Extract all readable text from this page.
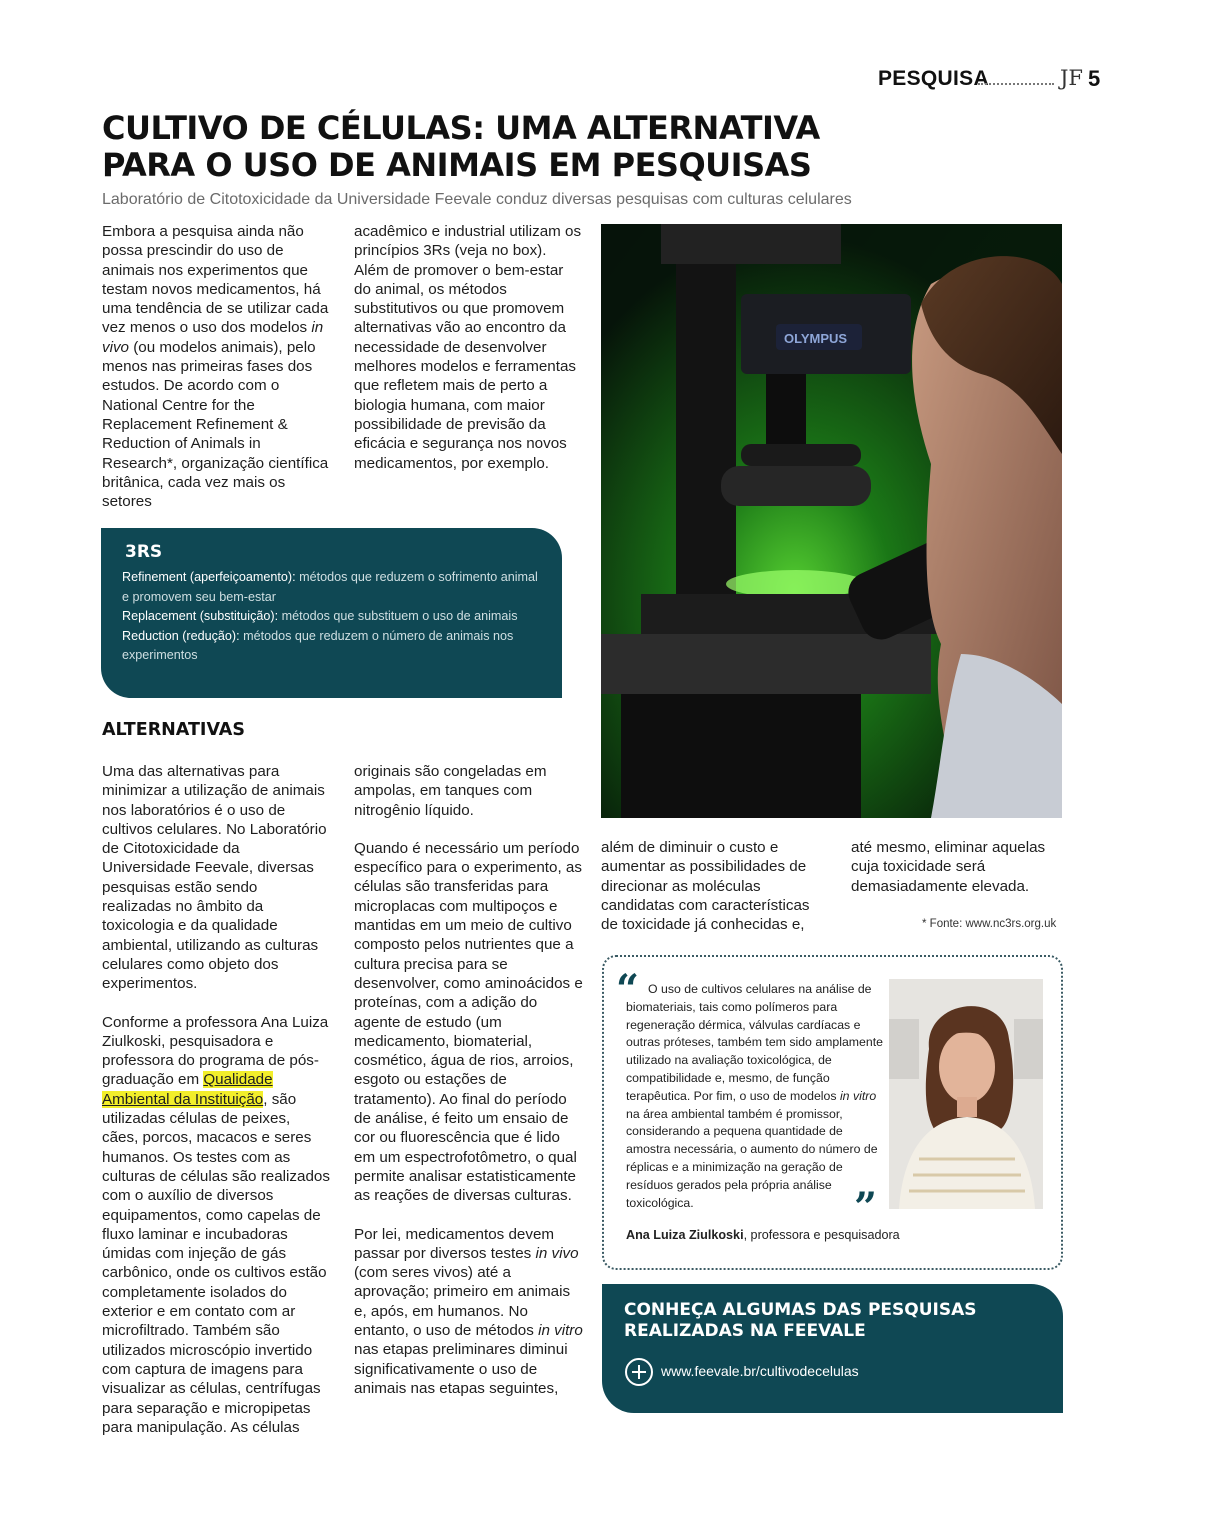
PESQUISA	JF 5
CULTIVO DE CÉLULAS: UMA ALTERNATIVA
PARA O USO DE ANIMAIS EM PESQUISAS
Laboratório de Citotoxicidade da Universidade Feevale conduz diversas pesquisas com culturas celulares

Embora a pesquisa ainda não possa prescindir do uso de animais nos experimentos que testam novos medicamentos, há uma tendência de se utilizar cada vez menos o uso dos modelos in vivo (ou modelos animais), pelo menos nas primeiras fases dos estudos. De acordo com o National Centre for the Replacement Refinement & Reduction of Animals in Research*, organização científica britânica, cada vez mais os setores

acadêmico e industrial utilizam os princípios 3Rs (veja no box). Além de promover o bem-estar do animal, os métodos substitutivos ou que promovem alternativas vão ao encontro da necessidade de desenvolver melhores modelos e ferramentas que refletem mais de perto a biologia humana, com maior possibilidade de previsão da eficácia e segurança nos novos medicamentos, por exemplo.

3RS
Refinement (aperfeiçoamento): métodos que reduzem o sofrimento animal e promovem seu bem-estar
Replacement (substituição): métodos que substituem o uso de animais
Reduction (redução): métodos que reduzem o número de animais nos experimentos
ALTERNATIVAS

Uma das alternativas para minimizar a utilização de animais nos laboratórios é o uso de cultivos celulares. No Laboratório de Citotoxicidade da Universidade Feevale, diversas pesquisas estão sendo realizadas no âmbito da toxicologia e da qualidade ambiental, utilizando as culturas celulares como objeto dos experimentos.

Conforme a professora Ana Luiza Ziulkoski, pesquisadora e professora do programa de pós-graduação em Qualidade Ambiental da Instituição, são utilizadas células de peixes, cães, porcos, macacos e seres humanos. Os testes com as culturas de células são realizados com o auxílio de diversos equipamentos, como capelas de fluxo laminar e incubadoras úmidas com injeção de gás carbônico, onde os cultivos estão completamente isolados do exterior e em contato com ar microfiltrado. Também são utilizados microscópio invertido com captura de imagens para visualizar as células, centrífugas para separação e micropipetas para manipulação. As células

originais são congeladas em ampolas, em tanques com nitrogênio líquido.

Quando é necessário um período específico para o experimento, as células são transferidas para microplacas com multipoços e mantidas em um meio de cultivo composto pelos nutrientes que a cultura precisa para se desenvolver, como aminoácidos e proteínas, com a adição do agente de estudo (um medicamento, biomaterial, cosmético, água de rios, arroios, esgoto ou estações de tratamento). Ao final do período de análise, é feito um ensaio de cor ou fluorescência que é lido em um espectrofotômetro, o qual permite analisar estatisticamente as reações de diversas culturas.

Por lei, medicamentos devem passar por diversos testes in vivo (com seres vivos) até a aprovação; primeiro em animais e, após, em humanos. No entanto, o uso de métodos in vitro nas etapas preliminares diminui significativamente o uso de animais nas etapas seguintes,

além de diminuir o custo e aumentar as possibilidades de direcionar as moléculas candidatas com características de toxicidade já conhecidas e,

até mesmo, eliminar aquelas cuja toxicidade será demasiadamente elevada.

OLYMPUS
* Fonte: www.nc3rs.org.uk
“ O uso de cultivos celulares na análise de biomateriais, tais como polímeros para regeneração dérmica, válvulas cardíacas e outras próteses, também tem sido amplamente utilizado na avaliação toxicológica, de compatibilidade e, mesmo, de função terapêutica. Por fim, o uso de modelos in vitro na área ambiental também é promissor, considerando a pequena quantidade de amostra necessária, o aumento do número de réplicas e a minimização na geração de resíduos gerados pela própria análise toxicológica.	”
Ana Luiza Ziulkoski, professora e pesquisadora
CONHEÇA ALGUMAS DAS PESQUISAS REALIZADAS NA FEEVALE
www.feevale.br/cultivodecelulas
